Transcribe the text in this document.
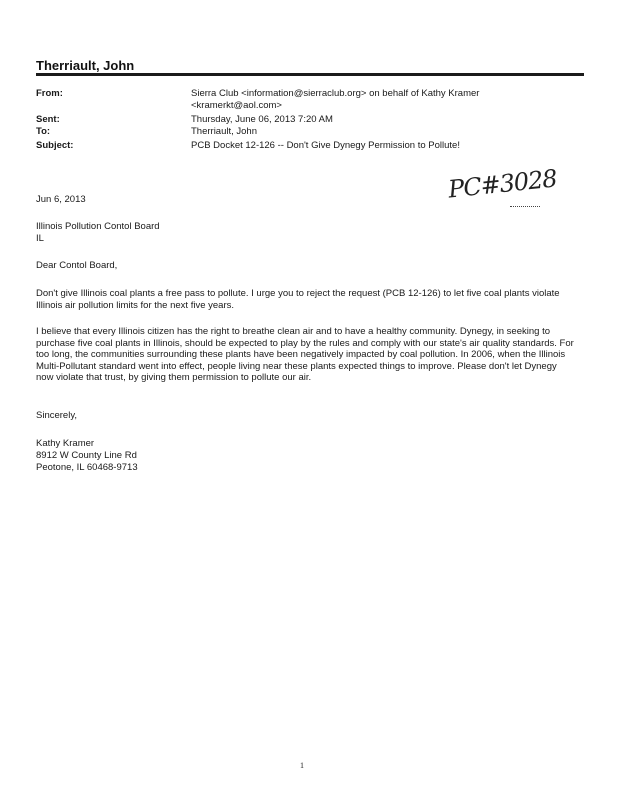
Therriault, John
From:	Sierra Club <information@sierraclub.org> on behalf of Kathy Kramer
<kramerkt@aol.com>
Sent:	Thursday, June 06, 2013 7:20 AM
To:	Therriault, John
Subject:	PCB Docket 12-126 -- Don't Give Dynegy Permission to Pollute!
PC#3028
Jun 6, 2013
Illinois Pollution Contol Board
IL
Dear Contol Board,
Don't give Illinois coal plants a free pass to pollute. I urge you to reject the request (PCB 12-126) to let five coal plants violate Illinois air pollution limits for the next five years.
I believe that every Illinois citizen has the right to breathe clean air and to have a healthy community. Dynegy, in seeking to purchase five coal plants in Illinois, should be expected to play by the rules and comply with our state's air quality standards. For too long, the communities surrounding these plants have been negatively impacted by coal pollution. In 2006, when the Illinois Multi-Pollutant standard went into effect, people living near these plants expected things to improve. Please don't let Dynegy now violate that trust, by giving them permission to pollute our air.
Sincerely,
Kathy Kramer
8912 W County Line Rd
Peotone, IL 60468-9713
1
